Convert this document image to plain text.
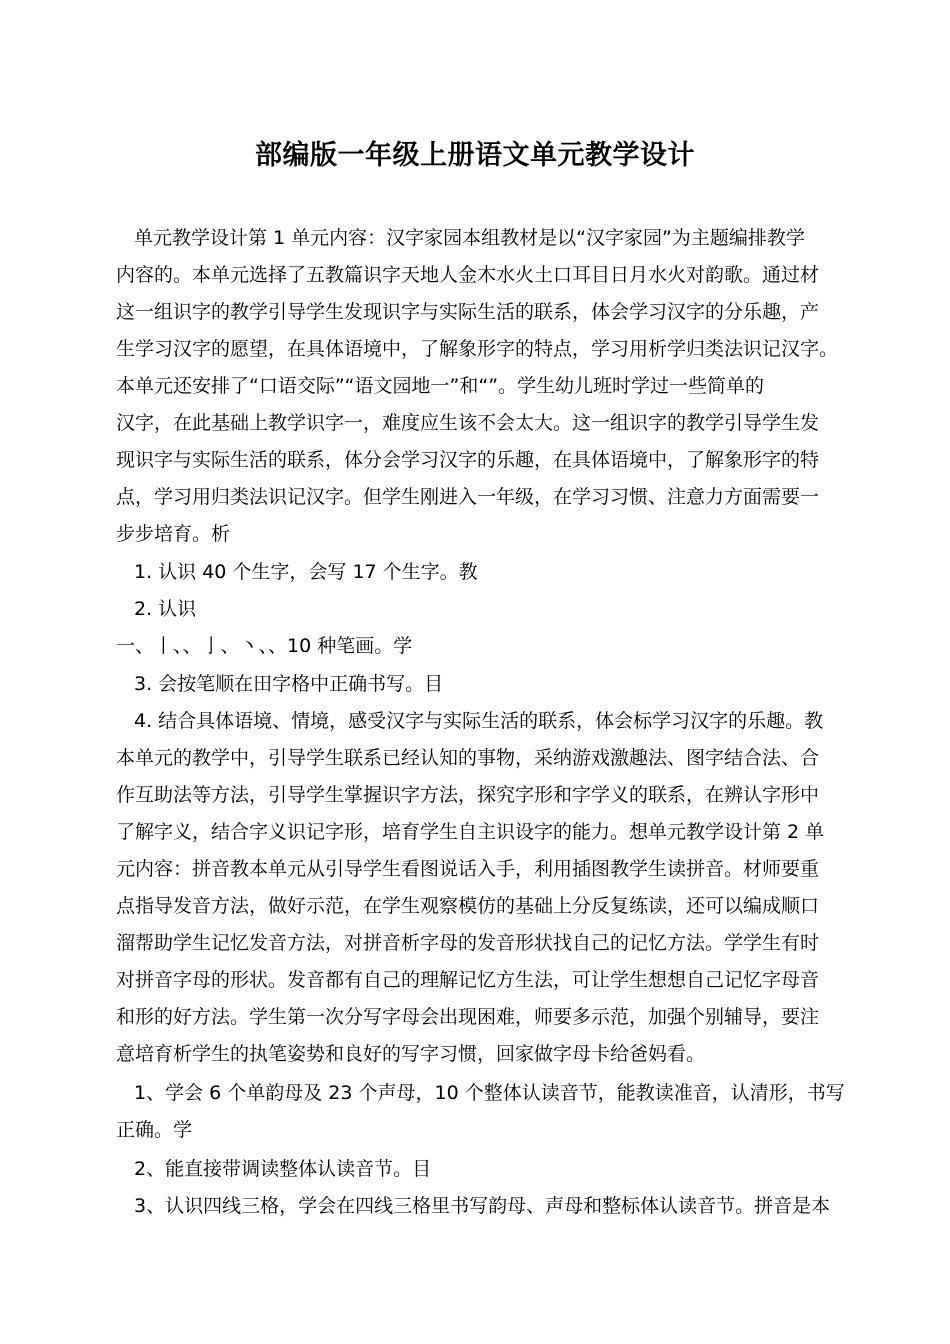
部编版一年级上册语文单元教学设计
单元教学设计第 1 单元内容：汉字家园本组教材是以“汉字家园”为主题编排教学
内容的。本单元选择了五教篇识字天地人金木水火土口耳目日月水火对韵歌。通过材
这一组识字的教学引导学生发现识字与实际生活的联系，体会学习汉字的分乐趣，产
生学习汉字的愿望，在具体语境中，了解象形字的特点，学习用析学归类法识记汉字。
本单元还安排了“口语交际”“语文园地一”和“”。学生幼儿班时学过一些简单的
汉字，在此基础上教学识字一，难度应生该不会太大。这一组识字的教学引导学生发
现识字与实际生活的联系，体分会学习汉字的乐趣，在具体语境中，了解象形字的特
点，学习用归类法识记汉字。但学生刚进入一年级，在学习习惯、注意力方面需要一
步步培育。析
1. 认识 40 个生字，会写 17 个生字。教
2. 认识
一、丨、、亅、丶、、10 种笔画。学
3. 会按笔顺在田字格中正确书写。目
4. 结合具体语境、情境，感受汉字与实际生活的联系，体会标学习汉字的乐趣。教
本单元的教学中，引导学生联系已经认知的事物，采纳游戏激趣法、图字结合法、合
作互助法等方法，引导学生掌握识字方法，探究字形和字学义的联系，在辨认字形中
了解字义，结合字义识记字形，培育学生自主识设字的能力。想单元教学设计第 2 单
元内容：拼音教本单元从引导学生看图说话入手，利用插图教学生读拼音。材师要重
点指导发音方法，做好示范，在学生观察模仿的基础上分反复练读，还可以编成顺口
溜帮助学生记忆发音方法，对拼音析字母的发音形状找自己的记忆方法。学学生有时
对拼音字母的形状。发音都有自己的理解记忆方生法，可让学生想想自己记忆字母音
和形的好方法。学生第一次分写字母会出现困难，师要多示范，加强个别辅导，要注
意培育析学生的执笔姿势和良好的写字习惯，回家做字母卡给爸妈看。
1、学会 6 个单韵母及 23 个声母，10 个整体认读音节，能教读准音，认清形，书写
正确。学
2、能直接带调读整体认读音节。目
3、认识四线三格，学会在四线三格里书写韵母、声母和整标体认读音节。拼音是本
